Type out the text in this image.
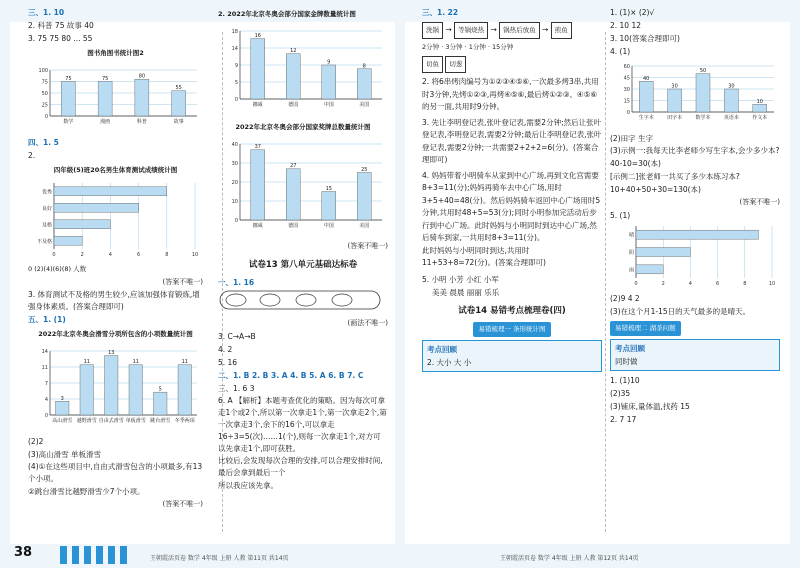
三、1. 10
2. 科普 75 故事 40
3. 75 75 80 ... 55
图书角图书统计图2
100
75
50
25
0
75
数学
75
漫画
80
科普
55
故事
四、1. 5
2.
四年级(5)班20名男生体育测试成绩统计图
0	2	4	6	8	10
优秀
良好
及格
不及格
0 (2)(4)(6)(8) 人数
(答案不唯一)
3. 体育测试不及格的男生较少,应该加强体育锻炼,增强身体素质。(答案合理即可)
五、1. (1)
2022年北京冬奥会滑雪分项所包含的小项数量统计图
14
11
7
4
0
3
高山滑雪
11
越野滑雪
13
自由式滑雪
11
单板滑雪
5
跳台滑雪
11
冬季两项
(2)2
(3)高山滑雪 单板滑雪
(4)①在这些项目中,自由式滑雪包含的小项最多,有13个小项。
②跳台滑雪比越野滑雪少7个小项。
(答案不唯一)
2. 2022年北京冬奥会部分国家金牌数量统计图
18
14
9
5
0
16
挪威
12
德国
9
中国
8
美国
2022年北京冬奥会部分国家奖牌总数量统计图
40
30
20
10
0
37
挪威
27
德国
15
中国
25
美国
(答案不唯一)
试卷13 第八单元基础达标卷
一、1. 16
(画法不唯一)
3. C→A→B
4. 2
5. 16
二、1. B 2. B 3. A 4. B 5. A 6. B 7. C
三、1. 6 3
6. A 【解析】本题考查优化的策略。因为每次可拿走1个或2个,所以第一次拿走1个,第一次拿走2个,第一次拿走3个,余下的16个,可以拿走16÷3=5(次)……1(个),则每一次拿走1个,对方可以先拿走1个,即可获胜。
比较后,会发现每次合理的安排,可以合理安排时间,最后会拿到最后一个
所以我应该先拿。
三、1. 22
洗锅 → 等锅烧热 → 锅热后放鱼 → 煎鱼
2分钟 · 3分钟 · 1分钟 · 15分钟
切鱼 切葱
2. 将6串烤肉编号为①②③④⑤⑥,一次最多烤3串,共用时3分钟,先烤①②③,再烤④⑤⑥,最后烤①②③、④⑤⑥的另一面,共用时9分钟。
3. 先让李明登记表,张叶登记表,需要2分钟;然后让张叶登记表,李明登记表,需要2分钟;最后让李明登记表,张叶登记表,需要2分钟;一共需要2+2+2=6(分)。(答案合理即可)
4. 妈妈带着小明骑车从家到中心广场,再到文化宫需要8+3=11(分);妈妈再骑车去中心广场,用时3+5+40=48(分)。然后妈妈骑车返回中心广场用时5分钟,共用时48+5=53(分);同时小明参加完活动后步行到中心广场。此时妈妈与小明同时到达中心广场,然后骑车到家,一共用时8+3=11(分)。
此时妈妈与小明同时到达,共用时11+53+8=72(分)。(答案合理即可)
5. 小明 小芳 小红 小军
美美 晨晨 丽丽 乐乐
试卷14 易错考点梳理卷(四)
易错梳理一 条形统计图
考点回顾
2. 大小 大 小
1. (1)× (2)√
2. 10 12
3. 10(答案合理即可)
4. (1)
60
45
30
15
0
40
生字本
30
田字本
50
数学本
30
英语本
10
作文本
(2)田字 生字
(3)示例一:我每天比李老师少写生字本,会少多少本?
40-10=30(本)
[示例二]张老师一共买了多少本练习本?
10+40+50+30=130(本)
(答案不唯一)
5. (1)
0	2	4	6	8	10
晴
阴
雨
(2)9 4 2
(3)在这个月1-15日的天气最多的是晴天。
易错梳理二 湖茶问题
考点回顾
同时做
1. (1)10
(2)35
(3)铺床,量体温,找药 15
2. 7 17
王朝霞活页卷 数学 4年级 上册 人教 第11页 共14页	王朝霞活页卷 数学 4年级 上册 人教 第12页 共14页
38
